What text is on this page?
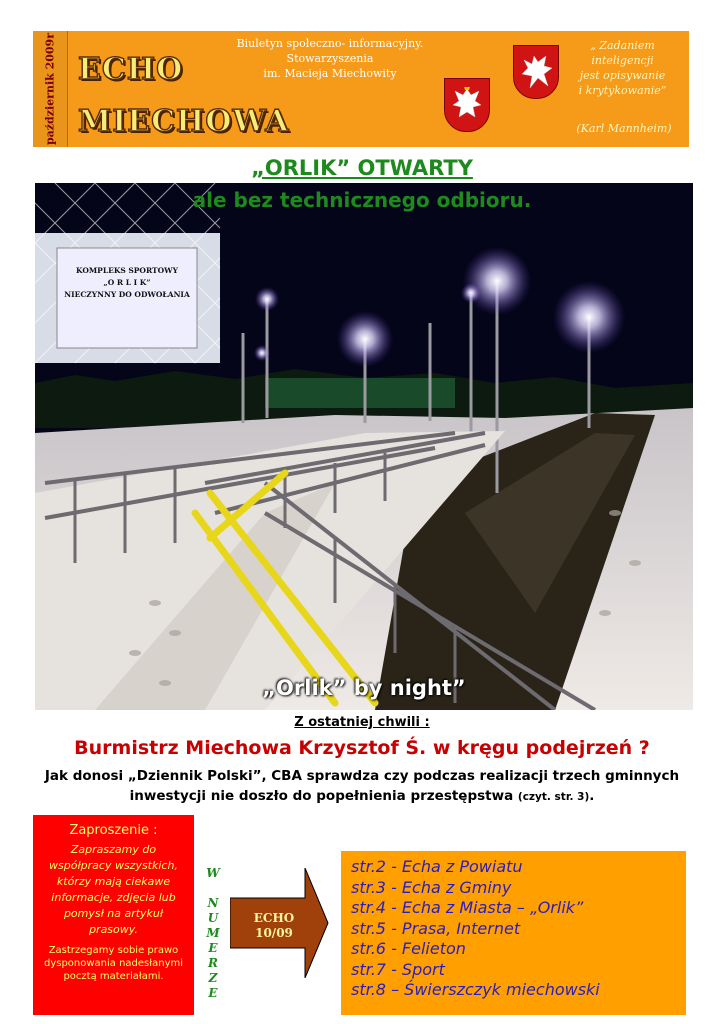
październik 2009r ECHO
MIECHOWA
Biuletyn społeczno- informacyjny.
Stowarzyszenia
im. Macieja Miechowity
„ Zadaniem
inteligencji
jest opisywanie
i krytykowanie”
(Karl Mannheim)
KOMPLEKS SPORTOWY
„O R L I K”
NIECZYNNY DO ODWOŁANIA
„ORLIK” OTWARTY
ale bez technicznego odbioru.
„Orlik” by night”
Z ostatniej chwili :
Burmistrz Miechowa Krzysztof Ś. w kręgu podejrzeń ?
Jak donosi „Dziennik Polski”, CBA sprawdza czy podczas realizacji trzech gminnych inwestycji nie doszło do popełnienia przestępstwa (czyt. str. 3).
Zaproszenie :
Zapraszamy do współpracy wszystkich, którzy mają ciekawe informacje, zdjęcia lub pomysł na artykuł prasowy.
Zastrzegamy sobie prawo dysponowania nadesłanymi pocztą materiałami.
W

N
U
M
E
R
Z
E
ECHO
10/09
str.2 - Echa z Powiatu
str.3 - Echa z Gminy
str.4 - Echa z Miasta – „Orlik”
str.5 - Prasa, Internet
str.6 - Felieton
str.7 - Sport
str.8 – Świerszczyk miechowski
